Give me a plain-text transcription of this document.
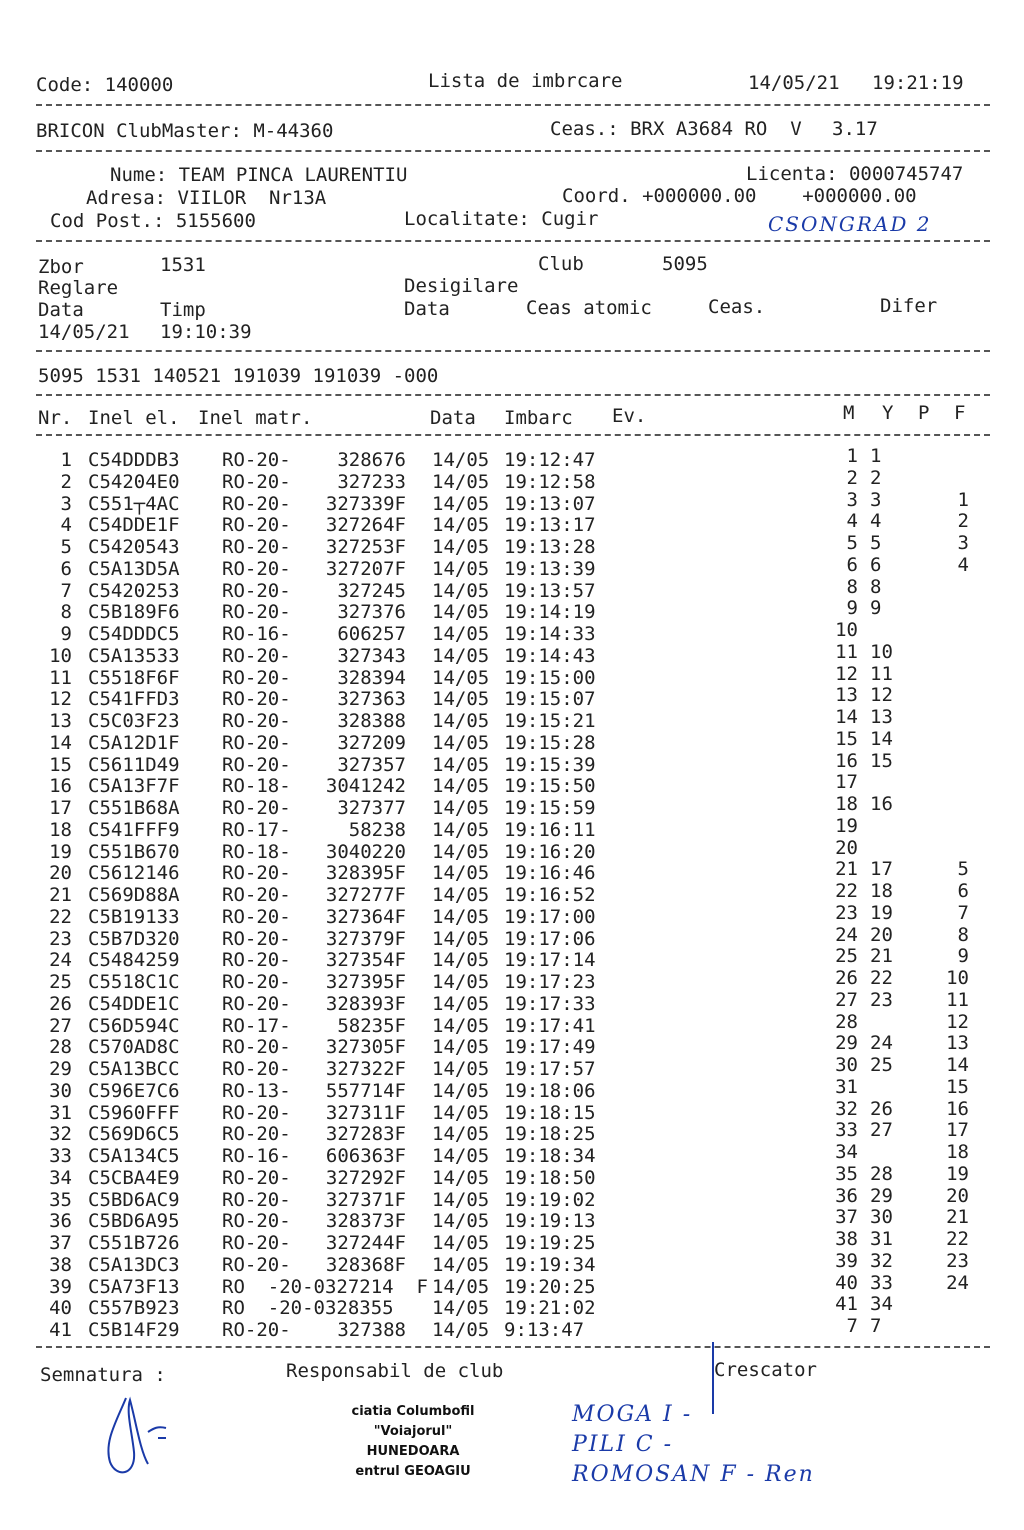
Code: 140000	Lista de imbrcare	14/05/21 19:21:19
BRICON ClubMaster: M-44360	Ceas.: BRX A3684 RO  V 3.17
Nume: TEAM PINCA LAURENTIU	Licenta: 0000745747
Adresa: VIILOR  Nr13A	Coord. +000000.00    +000000.00
Cod Post.: 5155600	Localitate: Cugir	CSONGRAD 2
Zbor	1531	Club	5095
Reglare	Desigilare
Data	Timp	Data	Ceas atomic	Ceas.	Difer
14/05/21 19:10:39
5095 1531 140521 191039 191039 -000
Nr. Inel el. Inel matr.	Data Imbarc Ev.	M Y P F
1 C54DDDB3 RO-20-	328676 14/05 19:12:47	1 1
2 C54204E0 RO-20-	327233 14/05 19:12:58	2 2
3 C551┬4AC RO-20-	327339F 14/05 19:13:07	3 3	1
4 C54DDE1F RO-20-	327264F 14/05 19:13:17	4 4	2
5 C5420543 RO-20-	327253F 14/05 19:13:28	5 5	3
6 C5A13D5A RO-20-	327207F 14/05 19:13:39	6 6	4
7 C5420253 RO-20-	327245 14/05 19:13:57	8 8
8 C5B189F6 RO-20-	327376 14/05 19:14:19	9 9
9 C54DDDC5 RO-16-	606257 14/05 19:14:33	10
10 C5A13533 RO-20-	327343 14/05 19:14:43	11 10
11 C5518F6F RO-20-	328394 14/05 19:15:00	12 11
12 C541FFD3 RO-20-	327363 14/05 19:15:07	13 12
13 C5C03F23 RO-20-	328388 14/05 19:15:21	14 13
14 C5A12D1F RO-20-	327209 14/05 19:15:28	15 14
15 C5611D49 RO-20-	327357 14/05 19:15:39	16 15
16 C5A13F7F RO-18-	3041242 14/05 19:15:50	17
17 C551B68A RO-20-	327377 14/05 19:15:59	18 16
18 C541FFF9 RO-17-	58238 14/05 19:16:11	19
19 C551B670 RO-18-	3040220 14/05 19:16:20	20
20 C5612146 RO-20-	328395F 14/05 19:16:46	21 17	5
21 C569D88A RO-20-	327277F 14/05 19:16:52	22 18	6
22 C5B19133 RO-20-	327364F 14/05 19:17:00	23 19	7
23 C5B7D320 RO-20-	327379F 14/05 19:17:06	24 20	8
24 C5484259 RO-20-	327354F 14/05 19:17:14	25 21	9
25 C5518C1C RO-20-	327395F 14/05 19:17:23	26 22	10
26 C54DDE1C RO-20-	328393F 14/05 19:17:33	27 23	11
27 C56D594C RO-17-	58235F 14/05 19:17:41	28	12
28 C570AD8C RO-20-	327305F 14/05 19:17:49	29 24	13
29 C5A13BCC RO-20-	327322F 14/05 19:17:57	30 25	14
30 C596E7C6 RO-13-	557714F 14/05 19:18:06	31	15
31 C5960FFF RO-20-	327311F 14/05 19:18:15	32 26	16
32 C569D6C5 RO-20-	327283F 14/05 19:18:25	33 27	17
33 C5A134C5 RO-16-	606363F 14/05 19:18:34	34	18
34 C5CBA4E9 RO-20-	327292F 14/05 19:18:50	35 28	19
35 C5BD6AC9 RO-20-	327371F 14/05 19:19:02	36 29	20
36 C5BD6A95 RO-20-	328373F 14/05 19:19:13	37 30	21
37 C551B726 RO-20-	327244F 14/05 19:19:25	38 31	22
38 C5A13DC3 RO-20-	328368F 14/05 19:19:34	39 32	23
39 C5A73F13 RO  -20-0327214  F 14/05 19:20:25	40 33	24
40 C557B923 RO  -20-0328355 14/05 19:21:02	41 34
41 C5B14F29 RO-20-	327388 14/05 9:13:47	7 7
Semnatura :	Responsabil de club	Crescator
ciatia Columbofil
"Voiajorul"
HUNEDOARA
entrul GEOAGIU
MOGA I -
PILI C -
ROMOSAN F - Ren
